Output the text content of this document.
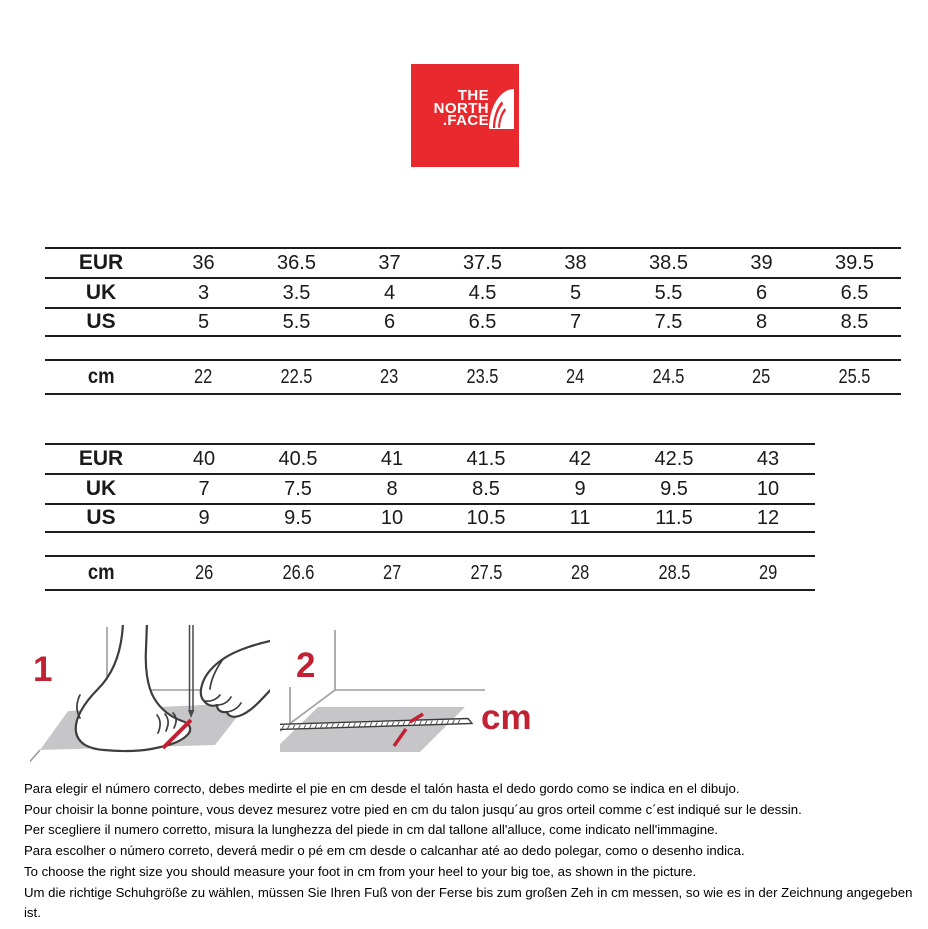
THE
NORTH
.FACE
EUR	36	36.5	37	37.5	38	38.5	39	39.5
UK	3	3.5	4	4.5	5	5.5	6	6.5
US	5	5.5	6	6.5	7	7.5	8	8.5
cm	22	22.5	23	23.5	24	24.5	25	25.5
EUR	40	40.5	41	41.5	42	42.5	43
UK	7	7.5	8	8.5	9	9.5	10
US	9	9.5	10	10.5	11	11.5	12
cm	26	26.6	27	27.5	28	28.5	29
1	2
cm

Para elegir el número correcto, debes medirte el pie en cm desde el talón hasta el dedo gordo como se indica en el dibujo.

Pour choisir la bonne pointure, vous devez mesurez votre pied en cm du talon jusqu´au gros orteil comme c´est indiqué sur le dessin.

Per scegliere il numero corretto, misura la lunghezza del piede in cm dal tallone all'alluce, come indicato nell'immagine.

Para escolher o número correto, deverá medir o pé em cm desde o calcanhar até ao dedo polegar, como o desenho indica.

To choose the right size you should measure your foot in cm from your heel to your big toe, as shown in the picture.

Um die richtige Schuhgröße zu wählen, müssen Sie Ihren Fuß von der Ferse bis zum großen Zeh in cm messen, so wie es in der Zeichnung angegeben ist.
